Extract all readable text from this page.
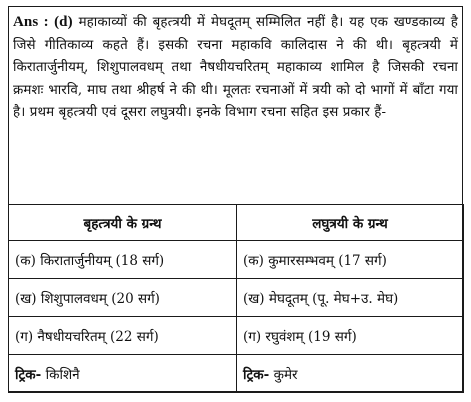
Ans : (d) महाकाव्यों की बृहत्त्रयी में मेघदूतम् सम्मिलित नहीं है। यह एक खण्डकाव्य है जिसे गीतिकाव्य कहते हैं। इसकी रचना महाकवि कालिदास ने की थी। बृहत्त्रयी में किरातार्जुनीयम्, शिशुपालवधम् तथा नैषधीयचरितम् महाकाव्य शामिल है जिसकी रचना क्रमशः भारवि, माघ तथा श्रीहर्ष ने की थी। मूलतः रचनाओं में त्रयी को दो भागों में बाँटा गया है। प्रथम बृहत्त्रयी एवं दूसरा लघुत्रयी। इनके विभाग रचना सहित इस प्रकार हैं-
बृहत्त्रयी के ग्रन्थ	लघुत्रयी के ग्रन्थ
(क) किरातार्जुनीयम् (18 सर्ग)	(क) कुमारसम्भवम् (17 सर्ग)
(ख) शिशुपालवधम् (20 सर्ग)	(ख) मेघदूतम् (पू. मेघ+उ. मेघ)
(ग) नैषधीयचरितम् (22 सर्ग)	(ग) रघुवंशम् (19 सर्ग)
ट्रिक- किशिनै	ट्रिक- कुमेर
